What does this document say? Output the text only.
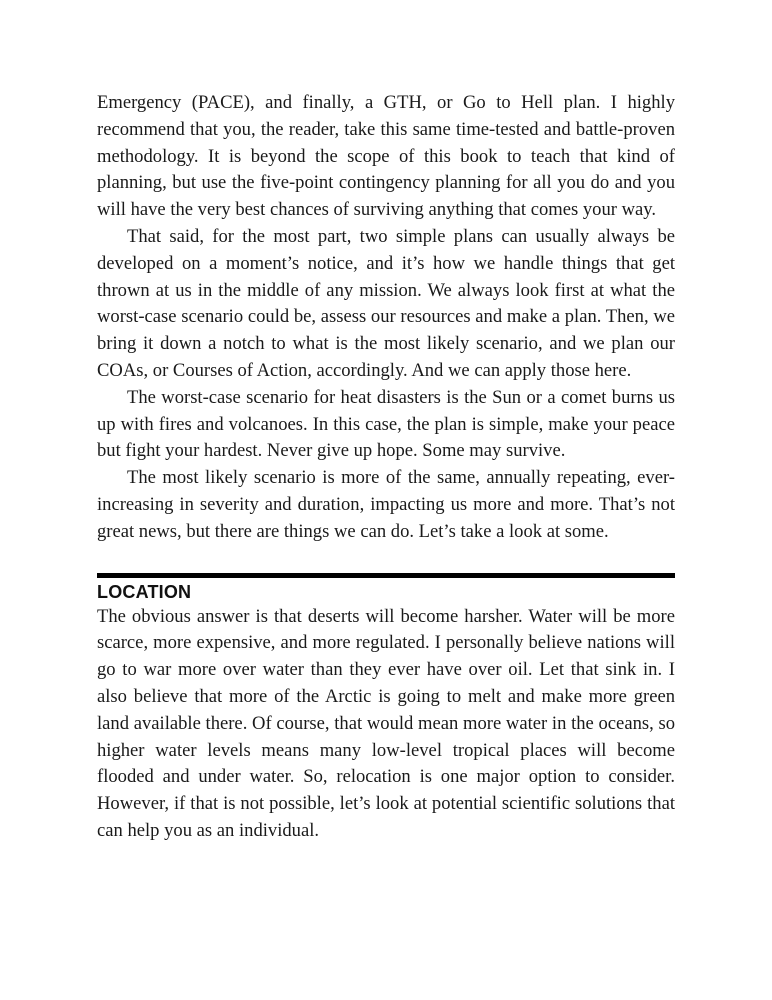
Emergency (PACE), and finally, a GTH, or Go to Hell plan. I highly recommend that you, the reader, take this same time-tested and battle-proven methodology. It is beyond the scope of this book to teach that kind of planning, but use the five-point contingency planning for all you do and you will have the very best chances of surviving anything that comes your way.

That said, for the most part, two simple plans can usually always be developed on a moment’s notice, and it’s how we handle things that get thrown at us in the middle of any mission. We always look first at what the worst-case scenario could be, assess our resources and make a plan. Then, we bring it down a notch to what is the most likely scenario, and we plan our COAs, or Courses of Action, accordingly. And we can apply those here.

The worst-case scenario for heat disasters is the Sun or a comet burns us up with fires and volcanoes. In this case, the plan is simple, make your peace but fight your hardest. Never give up hope. Some may survive.

The most likely scenario is more of the same, annually repeating, ever-increasing in severity and duration, impacting us more and more. That’s not great news, but there are things we can do. Let’s take a look at some.

LOCATION

The obvious answer is that deserts will become harsher. Water will be more scarce, more expensive, and more regulated. I personally believe nations will go to war more over water than they ever have over oil. Let that sink in. I also believe that more of the Arctic is going to melt and make more green land available there. Of course, that would mean more water in the oceans, so higher water levels means many low-level tropical places will become flooded and under water. So, relocation is one major option to consider. However, if that is not possible, let’s look at potential scientific solutions that can help you as an individual.
